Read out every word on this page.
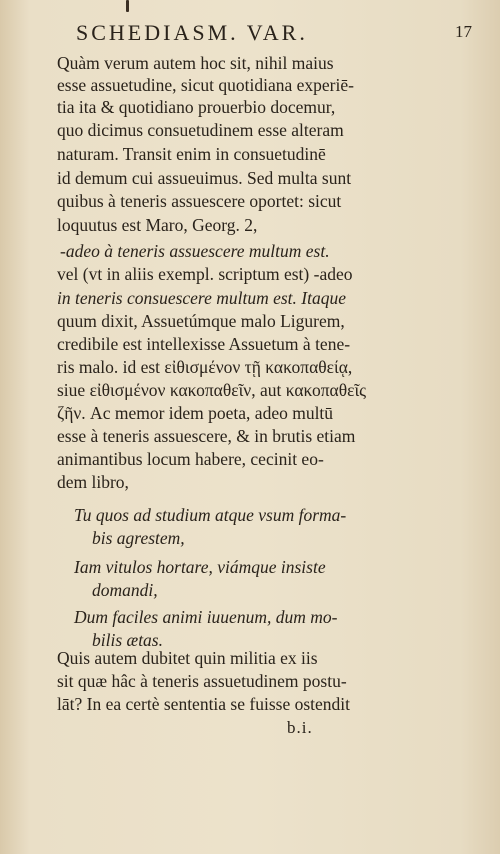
SCHEDIASM. VAR.	17
Quàm verum autem hoc sit, nihil maius
esse assuetudine, sicut quotidiana experiē-
tia ita & quotidiano prouerbio docemur,
quo dicimus consuetudinem esse alteram
naturam. Transit enim in consuetudinē
id demum cui assueuimus. Sed multa sunt
quibus à teneris assuescere oportet: sicut
loquutus est Maro, Georg. 2,
-adeo à teneris assuescere multum est.
vel (vt in aliis exempl. scriptum est) -adeo
in teneris consuescere multum est. Itaque
quum dixit, Assuetúmque malo Ligurem,
credibile est intellexisse Assuetum à tene-
ris malo. id est εἰθισμένον τῇ κακοπαθείᾳ,
siue εἰθισμένον κακοπαθεῖν, aut κακοπαθεῖς
ζῆν. Ac memor idem poeta, adeo multū
esse à teneris assuescere, & in brutis etiam
animantibus locum habere, cecinit eo-
dem libro,
Tu quos ad studium atque vsum forma-
bis agrestem,
Iam vitulos hortare, viámque insiste
domandi,
Dum faciles animi iuuenum, dum mo-
bilis ætas.
Quis autem dubitet quin militia ex iis
sit quæ hâc à teneris assuetudinem postu-
lāt? In ea certè sententia se fuisse ostendit
b.i.
